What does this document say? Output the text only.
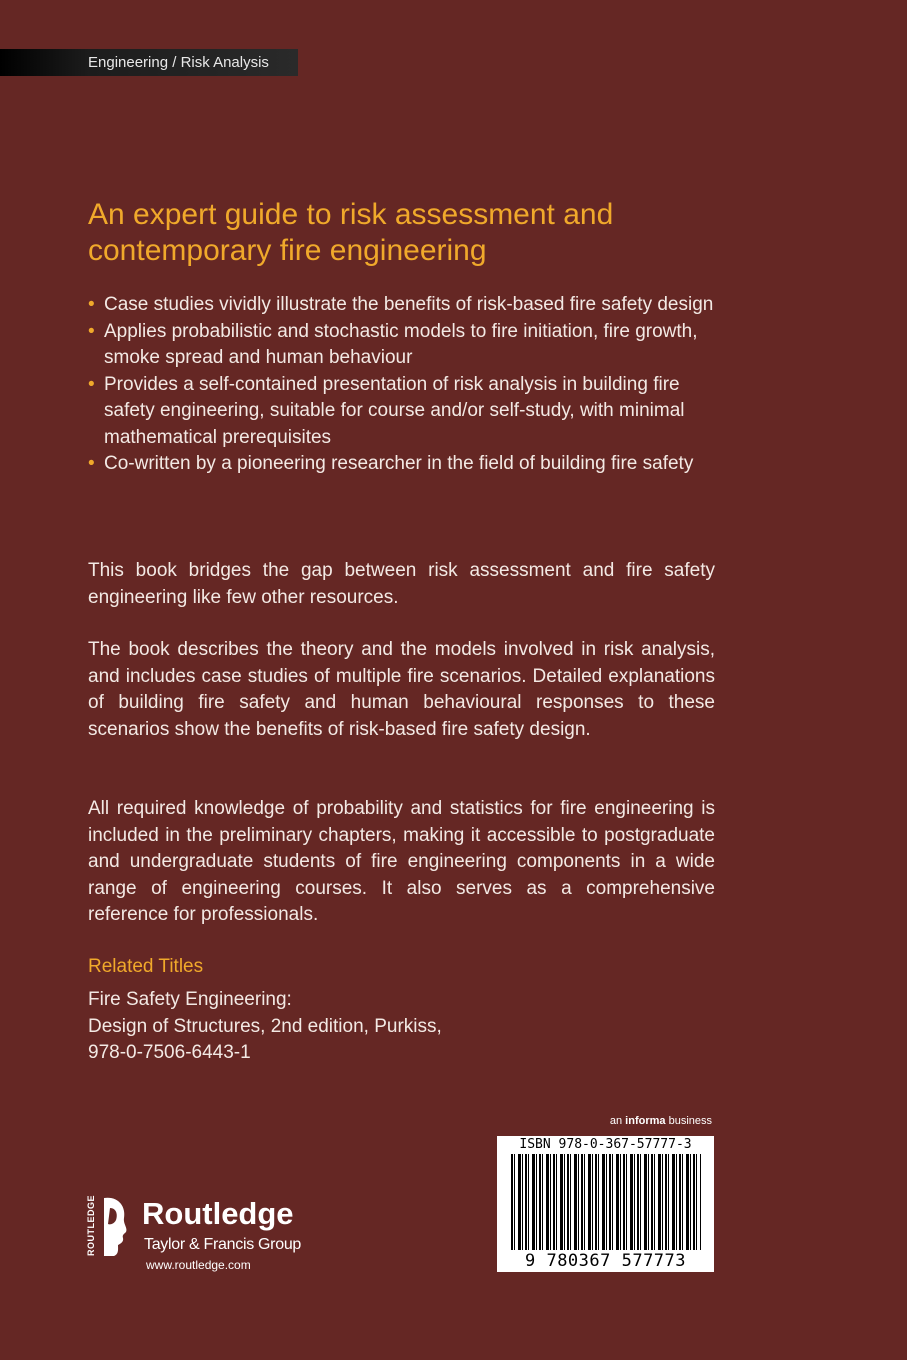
Engineering / Risk Analysis
An expert guide to risk assessment and contemporary fire engineering
• Case studies vividly illustrate the benefits of risk-based fire safety design
• Applies probabilistic and stochastic models to fire initiation, fire growth, smoke spread and human behaviour
• Provides a self-contained presentation of risk analysis in building fire safety engineering, suitable for course and/or self-study, with minimal mathematical prerequisites
• Co-written by a pioneering researcher in the field of building fire safety

This book bridges the gap between risk assessment and fire safety engineering like few other resources.

The book describes the theory and the models involved in risk analysis, and includes case studies of multiple fire scenarios. Detailed explanations of building fire safety and human behavioural responses to these scenarios show the benefits of risk-based fire safety design.

All required knowledge of probability and statistics for fire engineering is included in the preliminary chapters, making it accessible to postgraduate and undergraduate students of fire engineering components in a wide range of engineering courses. It also serves as a comprehensive reference for professionals.

Related Titles
Fire Safety Engineering:
Design of Structures, 2nd edition, Purkiss,
978-0-7506-6443-1
an informa business
ISBN 978-0-367-57777-3
9 780367 577773
ROUTLEDGE Routledge
Taylor & Francis Group
www.routledge.com
